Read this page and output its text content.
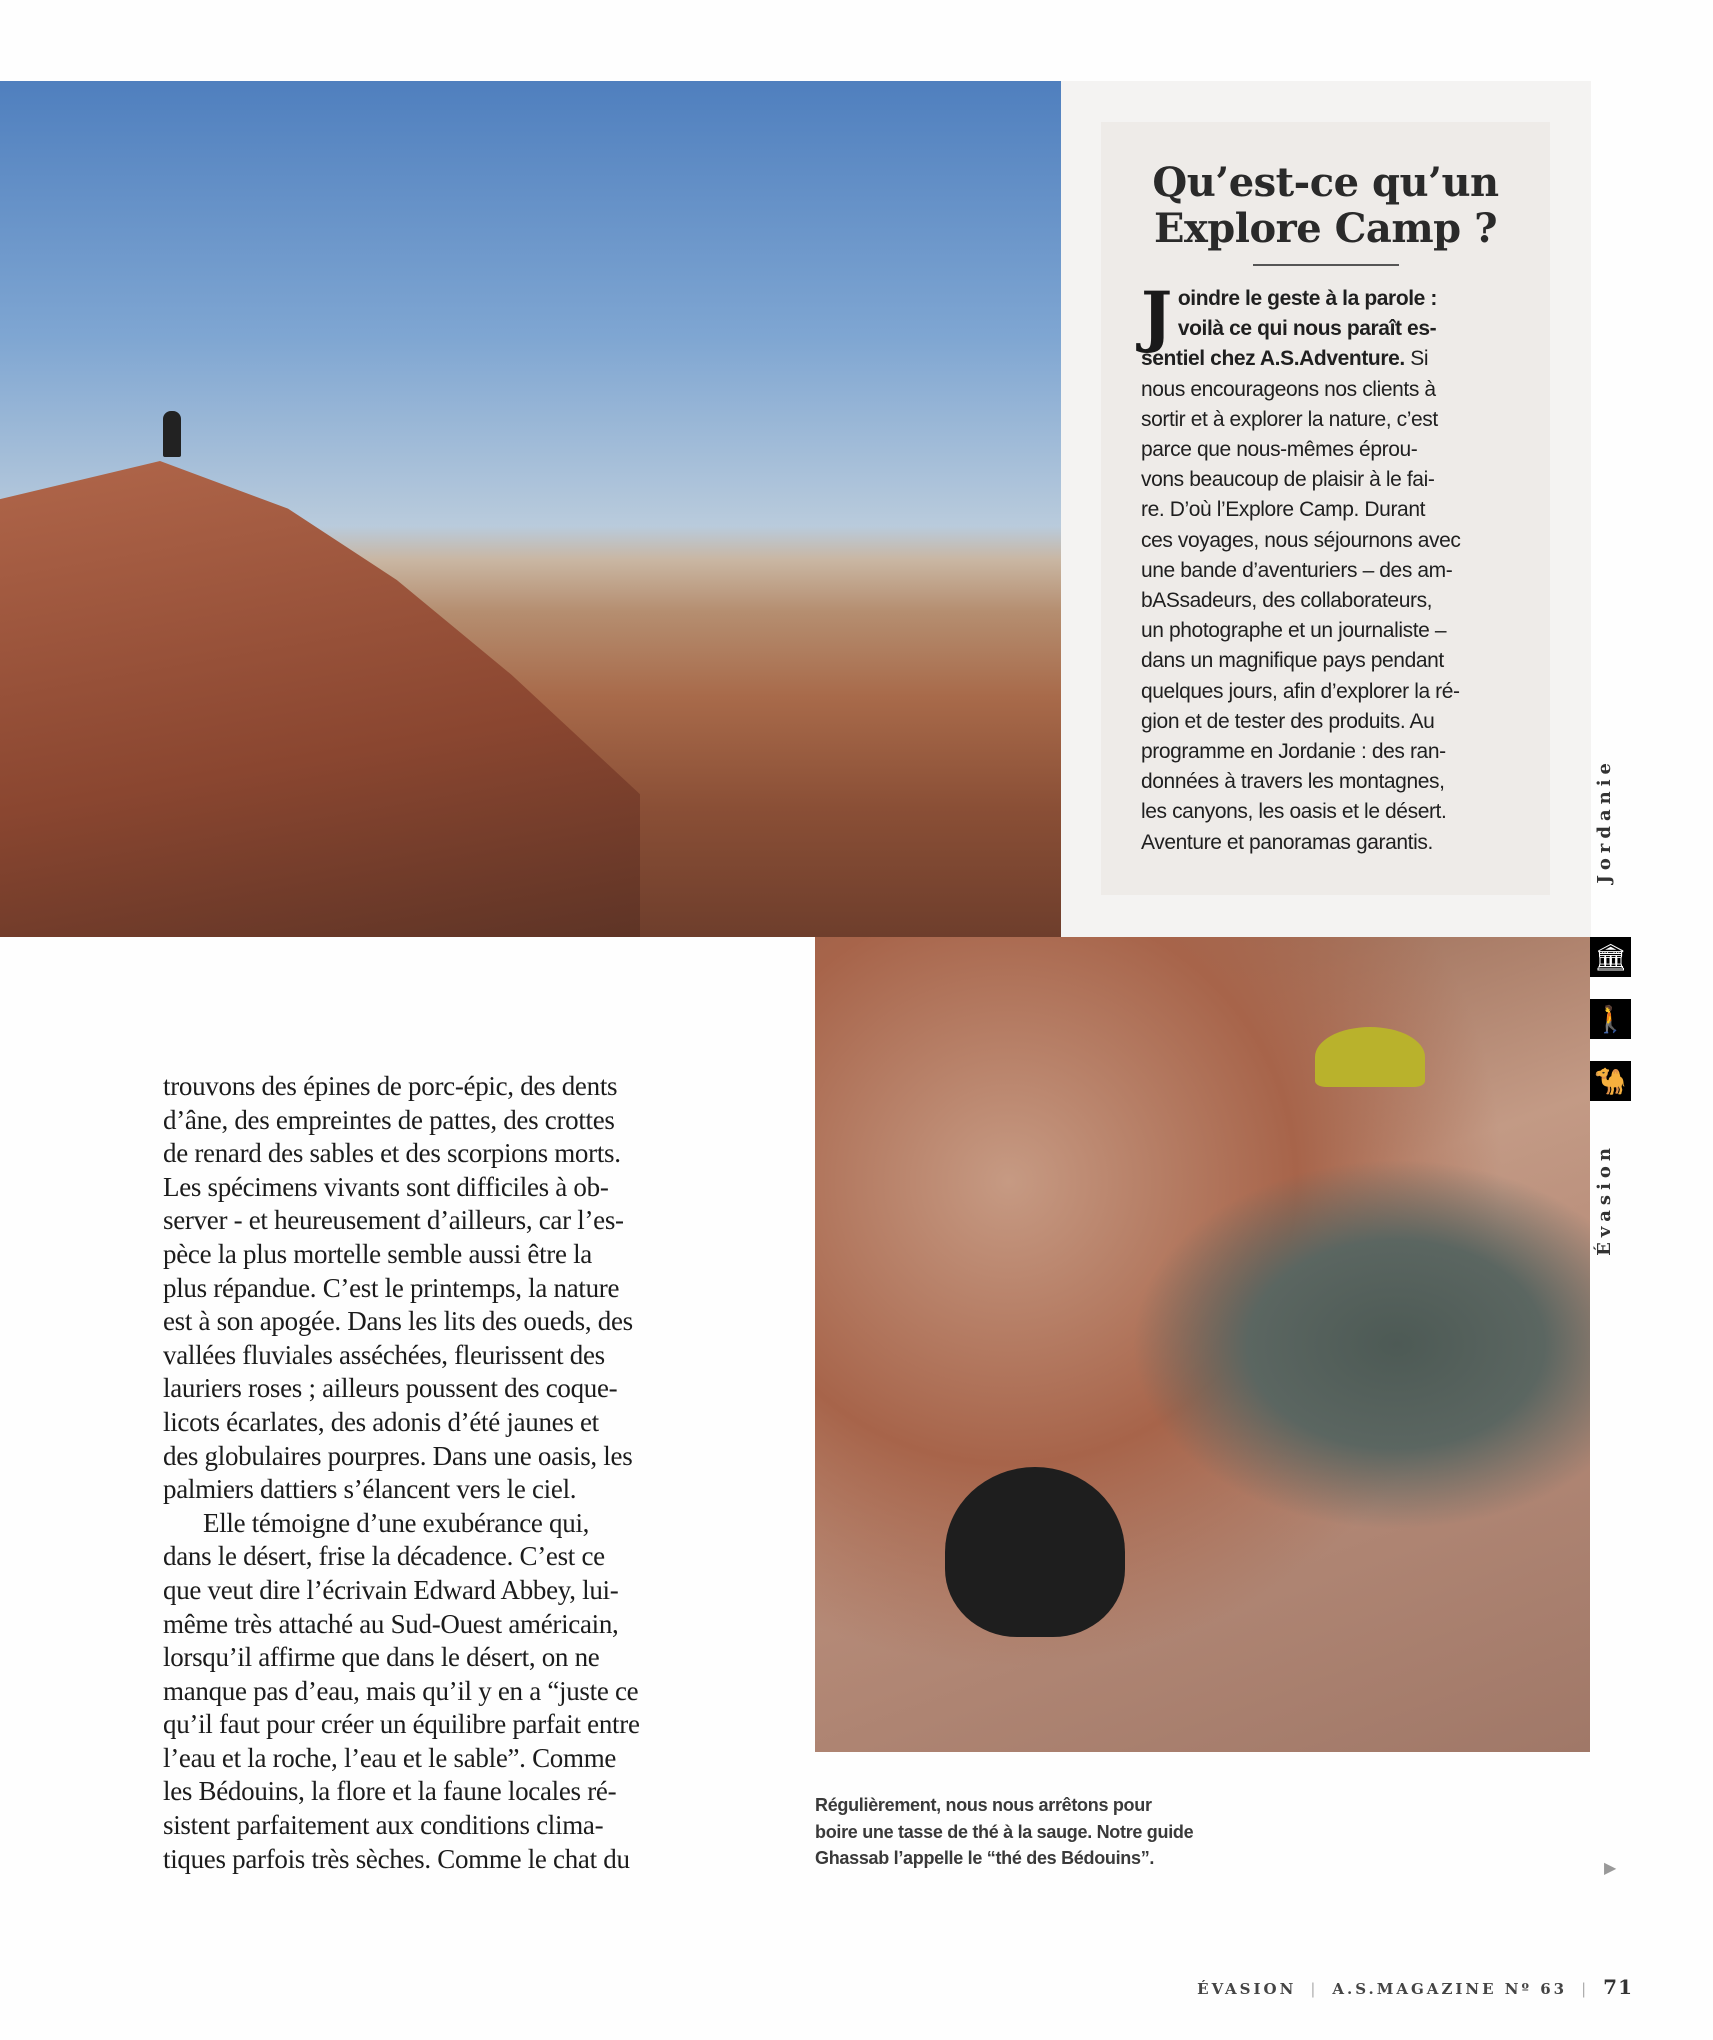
Qu’est-ce qu’un
Explore Camp ?
J oindre le geste à la parole :
voilà ce qui nous paraît es-
sentiel chez A.S.Adventure. Si
nous encourageons nos clients à
sortir et à explorer la nature, c’est
parce que nous-mêmes éprou-
vons beaucoup de plaisir à le fai-
re. D’où l’Explore Camp. Durant
ces voyages, nous séjournons avec
une bande d’aventuriers – des am-
bASsadeurs, des collaborateurs,
un photographe et un journaliste –
dans un magnifique pays pendant
quelques jours, afin d’explorer la ré-
gion et de tester des produits. Au
programme en Jordanie : des ran-
données à travers les montagnes,
les canyons, les oasis et le désert.
Aventure et panoramas garantis.

trouvons des épines de porc-épic, des dents
d’âne, des empreintes de pattes, des crottes
de renard des sables et des scorpions morts.
Les spécimens vivants sont difficiles à ob-
server - et heureusement d’ailleurs, car l’es-
pèce la plus mortelle semble aussi être la
plus répandue. C’est le printemps, la nature
est à son apogée. Dans les lits des oueds, des
vallées fluviales asséchées, fleurissent des
lauriers roses ; ailleurs poussent des coque-
licots écarlates, des adonis d’été jaunes et
des globulaires pourpres. Dans une oasis, les
palmiers dattiers s’élancent vers le ciel.
Elle témoigne d’une exubérance qui,
dans le désert, frise la décadence. C’est ce
que veut dire l’écrivain Edward Abbey, lui-
même très attaché au Sud-Ouest américain,
lorsqu’il affirme que dans le désert, on ne
manque pas d’eau, mais qu’il y en a “juste ce
qu’il faut pour créer un équilibre parfait entre
l’eau et la roche, l’eau et le sable”. Comme
les Bédouins, la flore et la faune locales ré-
sistent parfaitement aux conditions clima-
tiques parfois très sèches. Comme le chat du
Régulièrement, nous nous arrêtons pour
boire une tasse de thé à la sauge. Notre guide
Ghassab l’appelle le “thé des Bédouins”.
Jordanie
🏛
🚶
🐪
Évasion
▶
ÉVASION | A.S.MAGAZINE Nº 63 | 71
